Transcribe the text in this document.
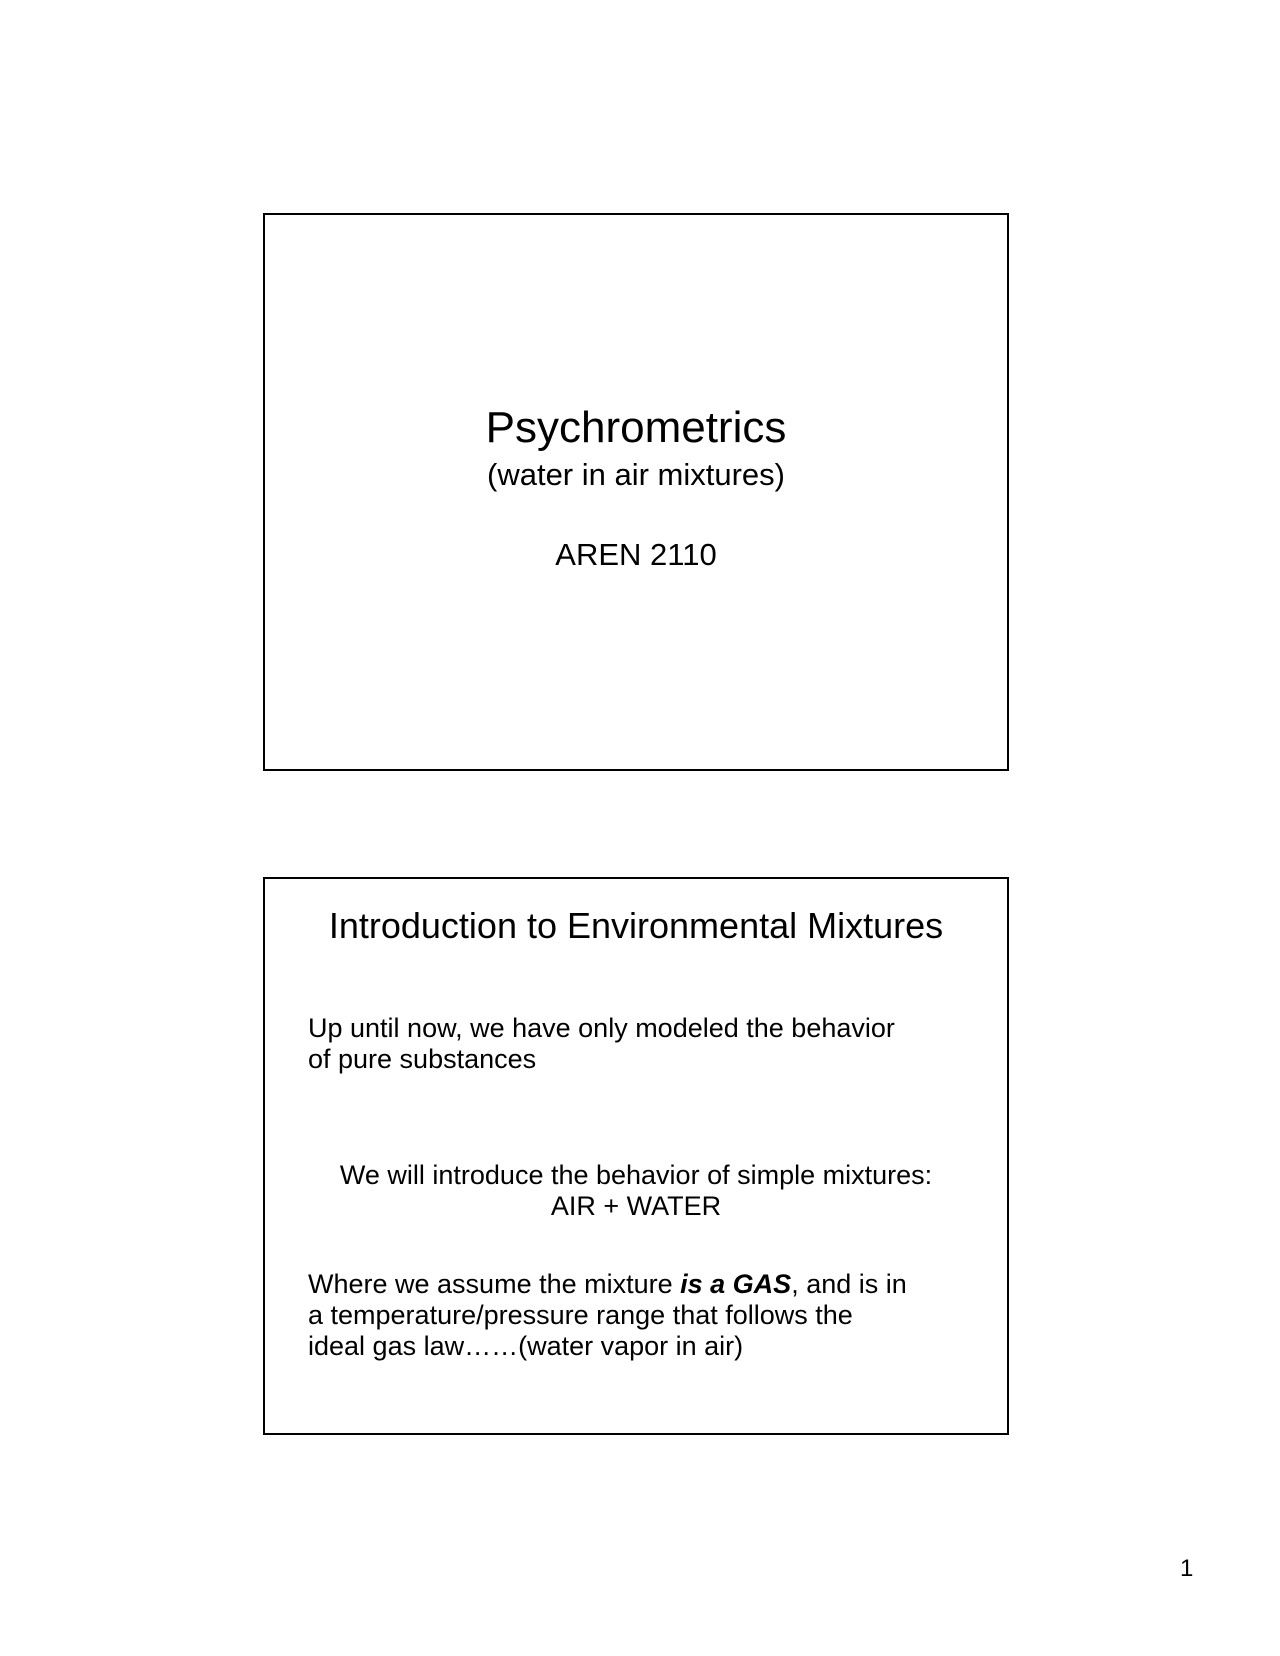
Psychrometrics
(water in air mixtures)
AREN 2110
Introduction to Environmental Mixtures
Up until now, we have only modeled the behavior
of pure substances
We will introduce the behavior of simple mixtures:
AIR + WATER
Where we assume the mixture is a GAS, and is in
a temperature/pressure range that follows the
ideal gas law……(water vapor in air)
1
